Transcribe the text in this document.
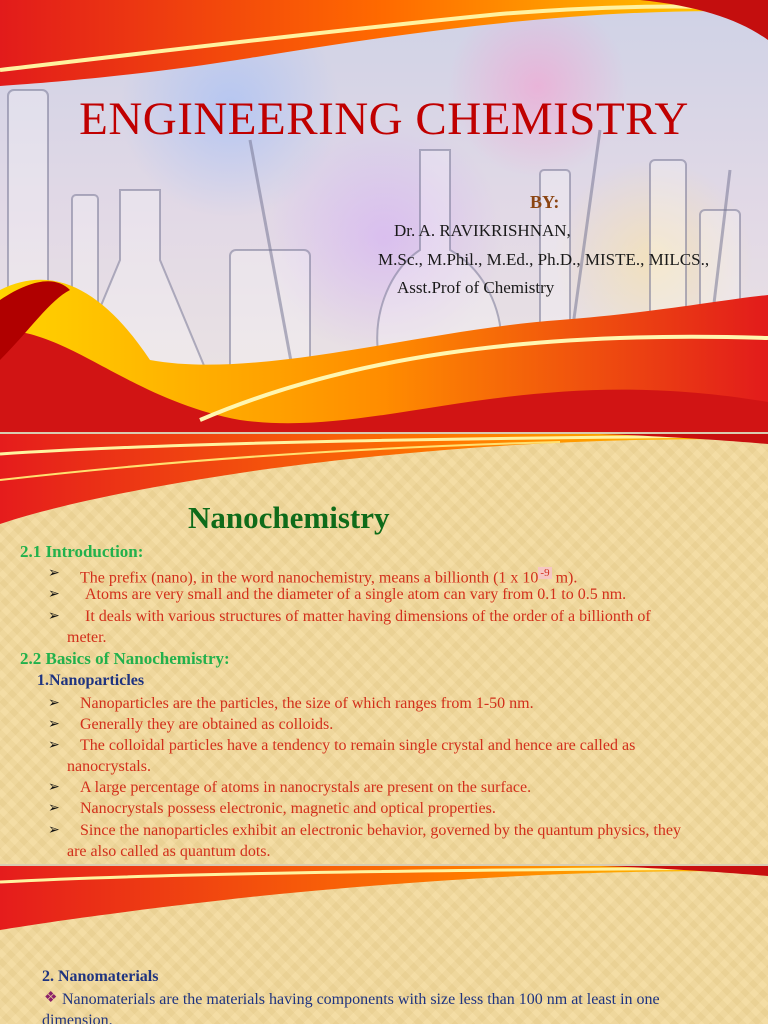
ENGINEERING CHEMISTRY
BY:
Dr. A. RAVIKRISHNAN,
M.Sc., M.Phil., M.Ed., Ph.D., MISTE., MILCS.,
Asst.Prof of Chemistry
Nanochemistry
2.1 Introduction:
➢	The prefix (nano), in the word nanochemistry, means a billionth (1 x 10 $^{-9}$ m).
➢	Atoms are very small and the diameter of a single atom can vary from 0.1 to 0.5 nm.
➢	It deals with various structures of matter having dimensions of the order of a billionth of
meter.
2.2 Basics of Nanochemistry:
1.Nanoparticles
➢	Nanoparticles are the particles, the size of which ranges from 1-50 nm.
➢	Generally they are obtained as colloids.
➢	The colloidal particles have a tendency to remain single crystal and hence are called as
nanocrystals.
➢	A large percentage of atoms in nanocrystals are present on the surface.
➢	Nanocrystals possess electronic, magnetic and optical properties.
➢	Since the nanoparticles exhibit an electronic behavior, governed by the quantum physics, they
are also called as quantum dots.
2. Nanomaterials
❖ Nanomaterials are the materials having components with size less than 100 nm at least in one
dimension.
